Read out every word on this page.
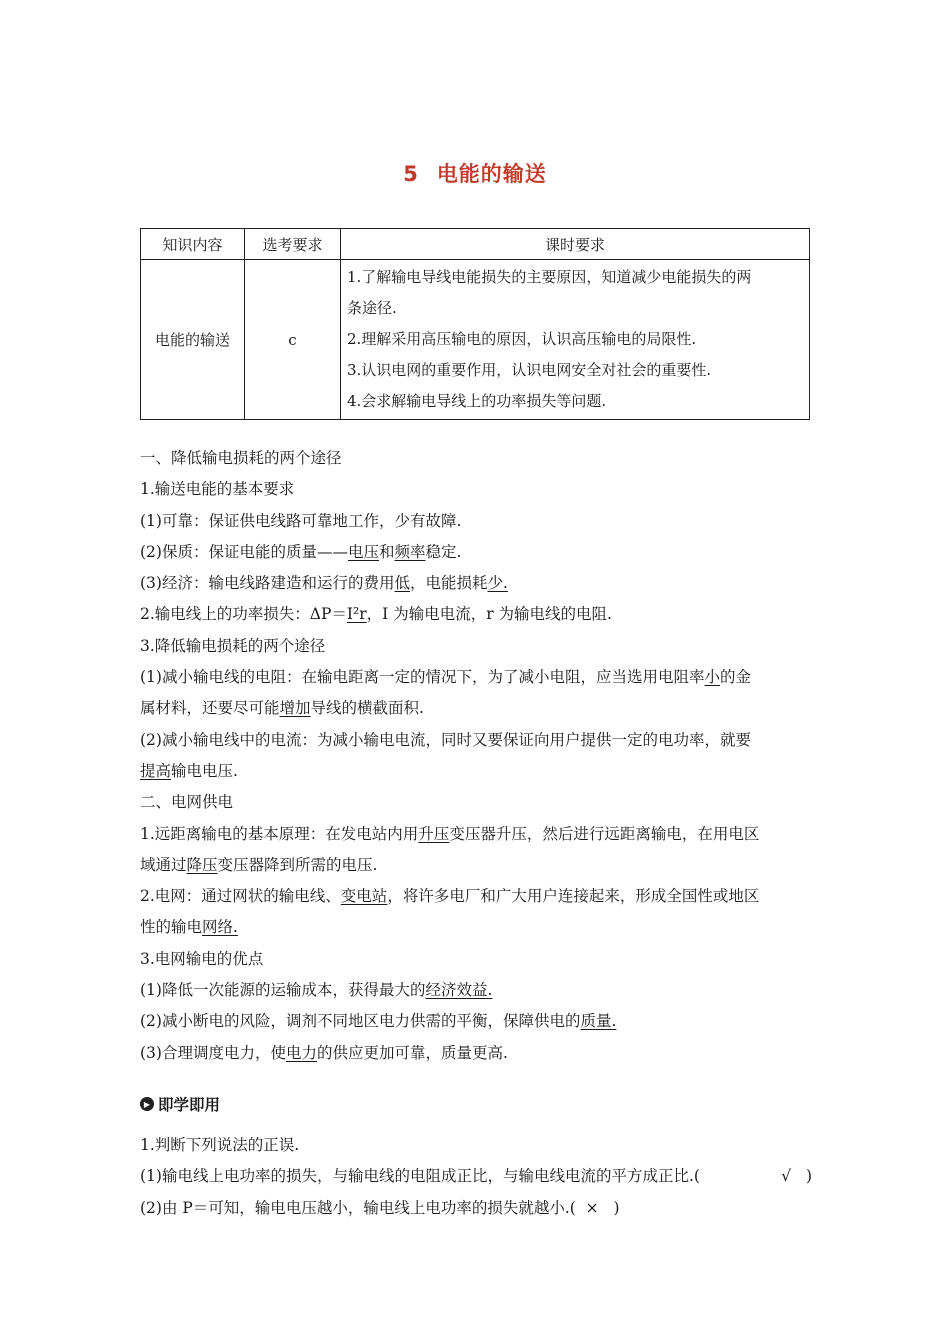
5 电能的输送
知识内容	选考要求	课时要求
电能的输送	c	1.了解输电导线电能损失的主要原因，知道减少电能损失的两
条途径.
2.理解采用高压输电的原因，认识高压输电的局限性.
3.认识电网的重要作用，认识电网安全对社会的重要性.
4.会求解输电导线上的功率损失等问题.
一、降低输电损耗的两个途径
1.输送电能的基本要求
(1)可靠：保证供电线路可靠地工作，少有故障.
(2)保质：保证电能的质量——电压和频率稳定.
(3)经济：输电线路建造和运行的费用低，电能损耗少.
2.输电线上的功率损失：ΔP＝I²r，I 为输电电流，r 为输电线的电阻.
3.降低输电损耗的两个途径
(1)减小输电线的电阻：在输电距离一定的情况下，为了减小电阻，应当选用电阻率小的金
属材料，还要尽可能增加导线的横截面积.
(2)减小输电线中的电流：为减小输电电流，同时又要保证向用户提供一定的电功率，就要
提高输电电压.
二、电网供电
1.远距离输电的基本原理：在发电站内用升压变压器升压，然后进行远距离输电，在用电区
域通过降压变压器降到所需的电压.
2.电网：通过网状的输电线、变电站，将许多电厂和广大用户连接起来，形成全国性或地区
性的输电网络.
3.电网输电的优点
(1)降低一次能源的运输成本，获得最大的经济效益.
(2)减小断电的风险，调剂不同地区电力供需的平衡，保障供电的质量.
(3)合理调度电力，使电力的供应更加可靠，质量更高.
▶ 即学即用
1.判断下列说法的正误.
(1)输电线上电功率的损失，与输电线的电阻成正比，与输电线电流的平方成正比.(	√ )
(2)由 P＝可知，输电电压越小，输电线上电功率的损失就越小.( × )
